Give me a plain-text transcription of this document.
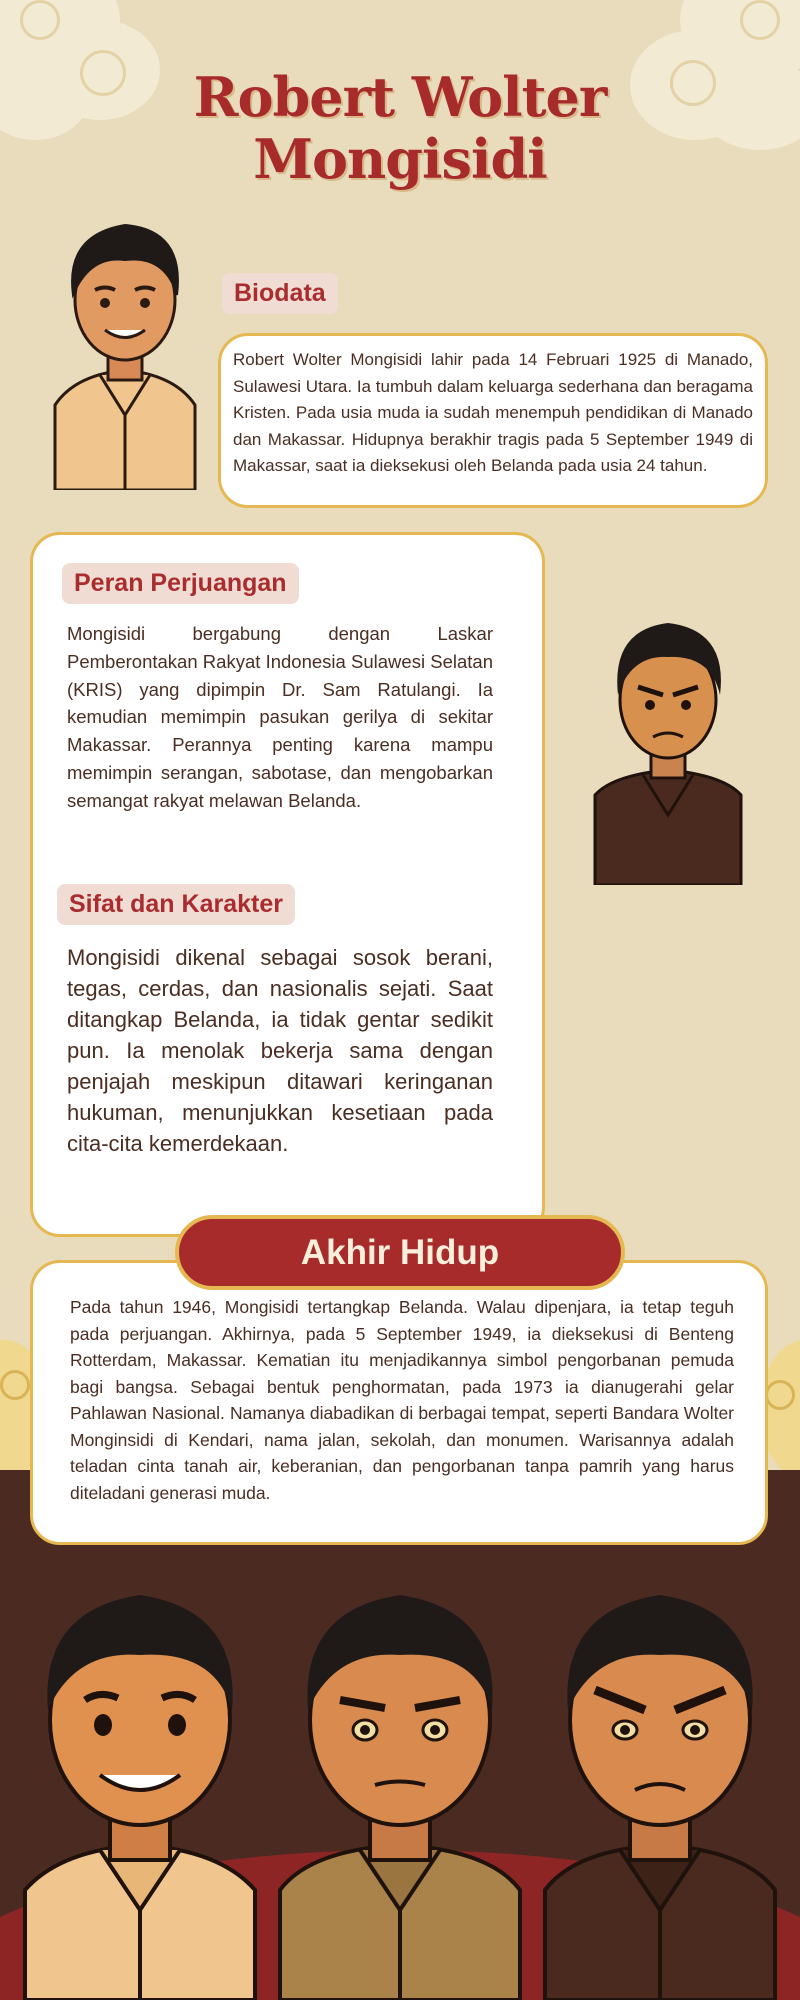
Robert Wolter
Mongisidi
Biodata
Robert Wolter Mongisidi lahir pada 14 Februari 1925 di Manado, Sulawesi Utara. Ia tumbuh dalam keluarga sederhana dan beragama Kristen. Pada usia muda ia sudah menempuh pendidikan di Manado dan Makassar. Hidupnya berakhir tragis pada 5 September 1949 di Makassar, saat ia dieksekusi oleh Belanda pada usia 24 tahun.
Peran Perjuangan
Mongisidi bergabung dengan Laskar Pemberontakan Rakyat Indonesia Sulawesi Selatan (KRIS) yang dipimpin Dr. Sam Ratulangi. Ia kemudian memimpin pasukan gerilya di sekitar Makassar. Perannya penting karena mampu memimpin serangan, sabotase, dan mengobarkan semangat rakyat melawan Belanda.
Sifat dan Karakter
Mongisidi dikenal sebagai sosok berani, tegas, cerdas, dan nasionalis sejati. Saat ditangkap Belanda, ia tidak gentar sedikit pun. Ia menolak bekerja sama dengan penjajah meskipun ditawari keringanan hukuman, menunjukkan kesetiaan pada cita-cita kemerdekaan.
Pada tahun 1946, Mongisidi tertangkap Belanda. Walau dipenjara, ia tetap teguh pada perjuangan. Akhirnya, pada 5 September 1949, ia dieksekusi di Benteng Rotterdam, Makassar. Kematian itu menjadikannya simbol pengorbanan pemuda bagi bangsa. Sebagai bentuk penghormatan, pada 1973 ia dianugerahi gelar Pahlawan Nasional. Namanya diabadikan di berbagai tempat, seperti Bandara Wolter Monginsidi di Kendari, nama jalan, sekolah, dan monumen. Warisannya adalah teladan cinta tanah air, keberanian, dan pengorbanan tanpa pamrih yang harus diteladani generasi muda.
Akhir Hidup
